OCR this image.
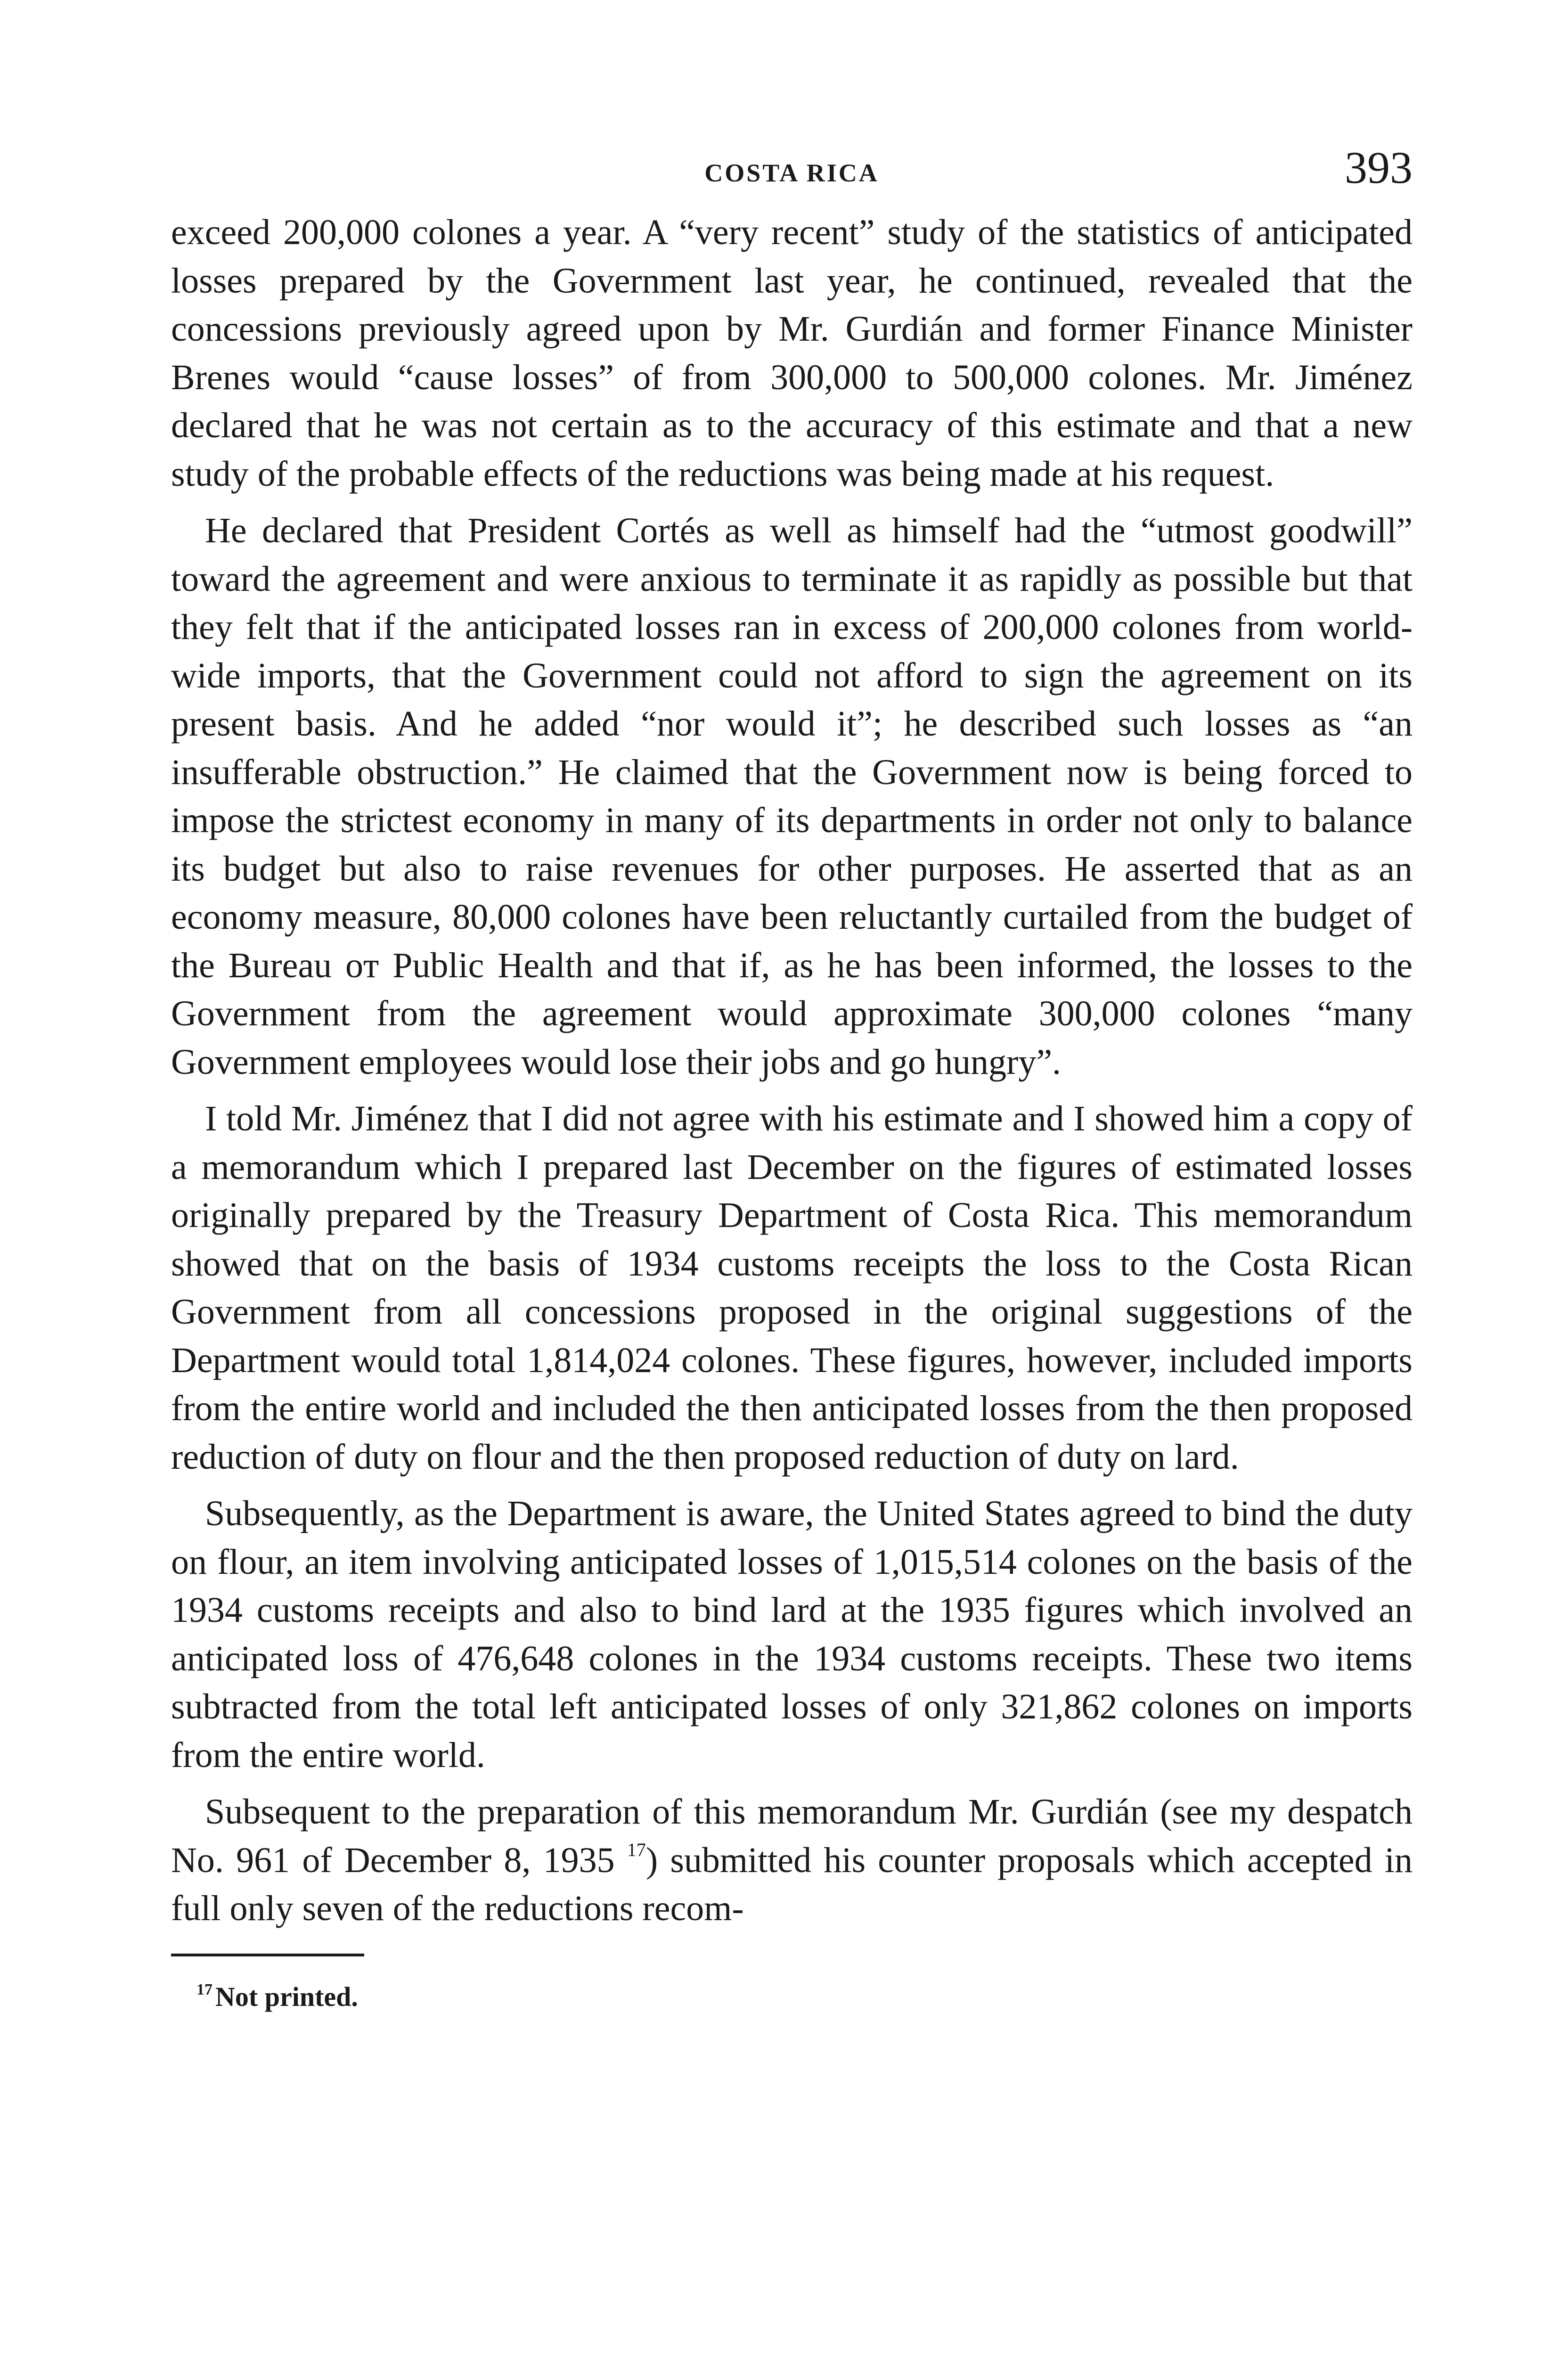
COSTA RICA	393

exceed 200,000 colones a year. A “very recent” study of the statistics of anticipated losses prepared by the Government last year, he continued, revealed that the concessions previously agreed upon by Mr. Gurdián and former Finance Minister Brenes would “cause losses” of from 300,000 to 500,000 colones. Mr. Jiménez declared that he was not certain as to the accuracy of this estimate and that a new study of the probable effects of the reductions was being made at his request.

He declared that President Cortés as well as himself had the “utmost goodwill” toward the agreement and were anxious to terminate it as rapidly as possible but that they felt that if the anticipated losses ran in excess of 200,000 colones from world-wide imports, that the Government could not afford to sign the agreement on its present basis. And he added “nor would it”; he described such losses as “an insufferable obstruction.” He claimed that the Government now is being forced to impose the strictest economy in many of its departments in order not only to balance its budget but also to raise revenues for other purposes. He asserted that as an economy measure, 80,000 colones have been reluctantly curtailed from the budget of the Bureau oт Public Health and that if, as he has been informed, the losses to the Government from the agreement would approximate 300,000 colones “many Government employees would lose their jobs and go hungry”.

I told Mr. Jiménez that I did not agree with his estimate and I showed him a copy of a memorandum which I prepared last December on the figures of estimated losses originally prepared by the Treasury Department of Costa Rica. This memorandum showed that on the basis of 1934 customs receipts the loss to the Costa Rican Government from all concessions proposed in the original suggestions of the Department would total 1,814,024 colones. These figures, however, included imports from the entire world and included the then anticipated losses from the then proposed reduction of duty on flour and the then proposed reduction of duty on lard.

Subsequently, as the Department is aware, the United States agreed to bind the duty on flour, an item involving anticipated losses of 1,015,514 colones on the basis of the 1934 customs receipts and also to bind lard at the 1935 figures which involved an anticipated loss of 476,648 colones in the 1934 customs receipts. These two items subtracted from the total left anticipated losses of only 321,862 colones on imports from the entire world.

Subsequent to the preparation of this memorandum Mr. Gurdián (see my despatch No. 961 of December 8, 1935 $^{17}$) submitted his counter proposals which accepted in full only seven of the reductions recom-

$^{17}$ Not printed.
